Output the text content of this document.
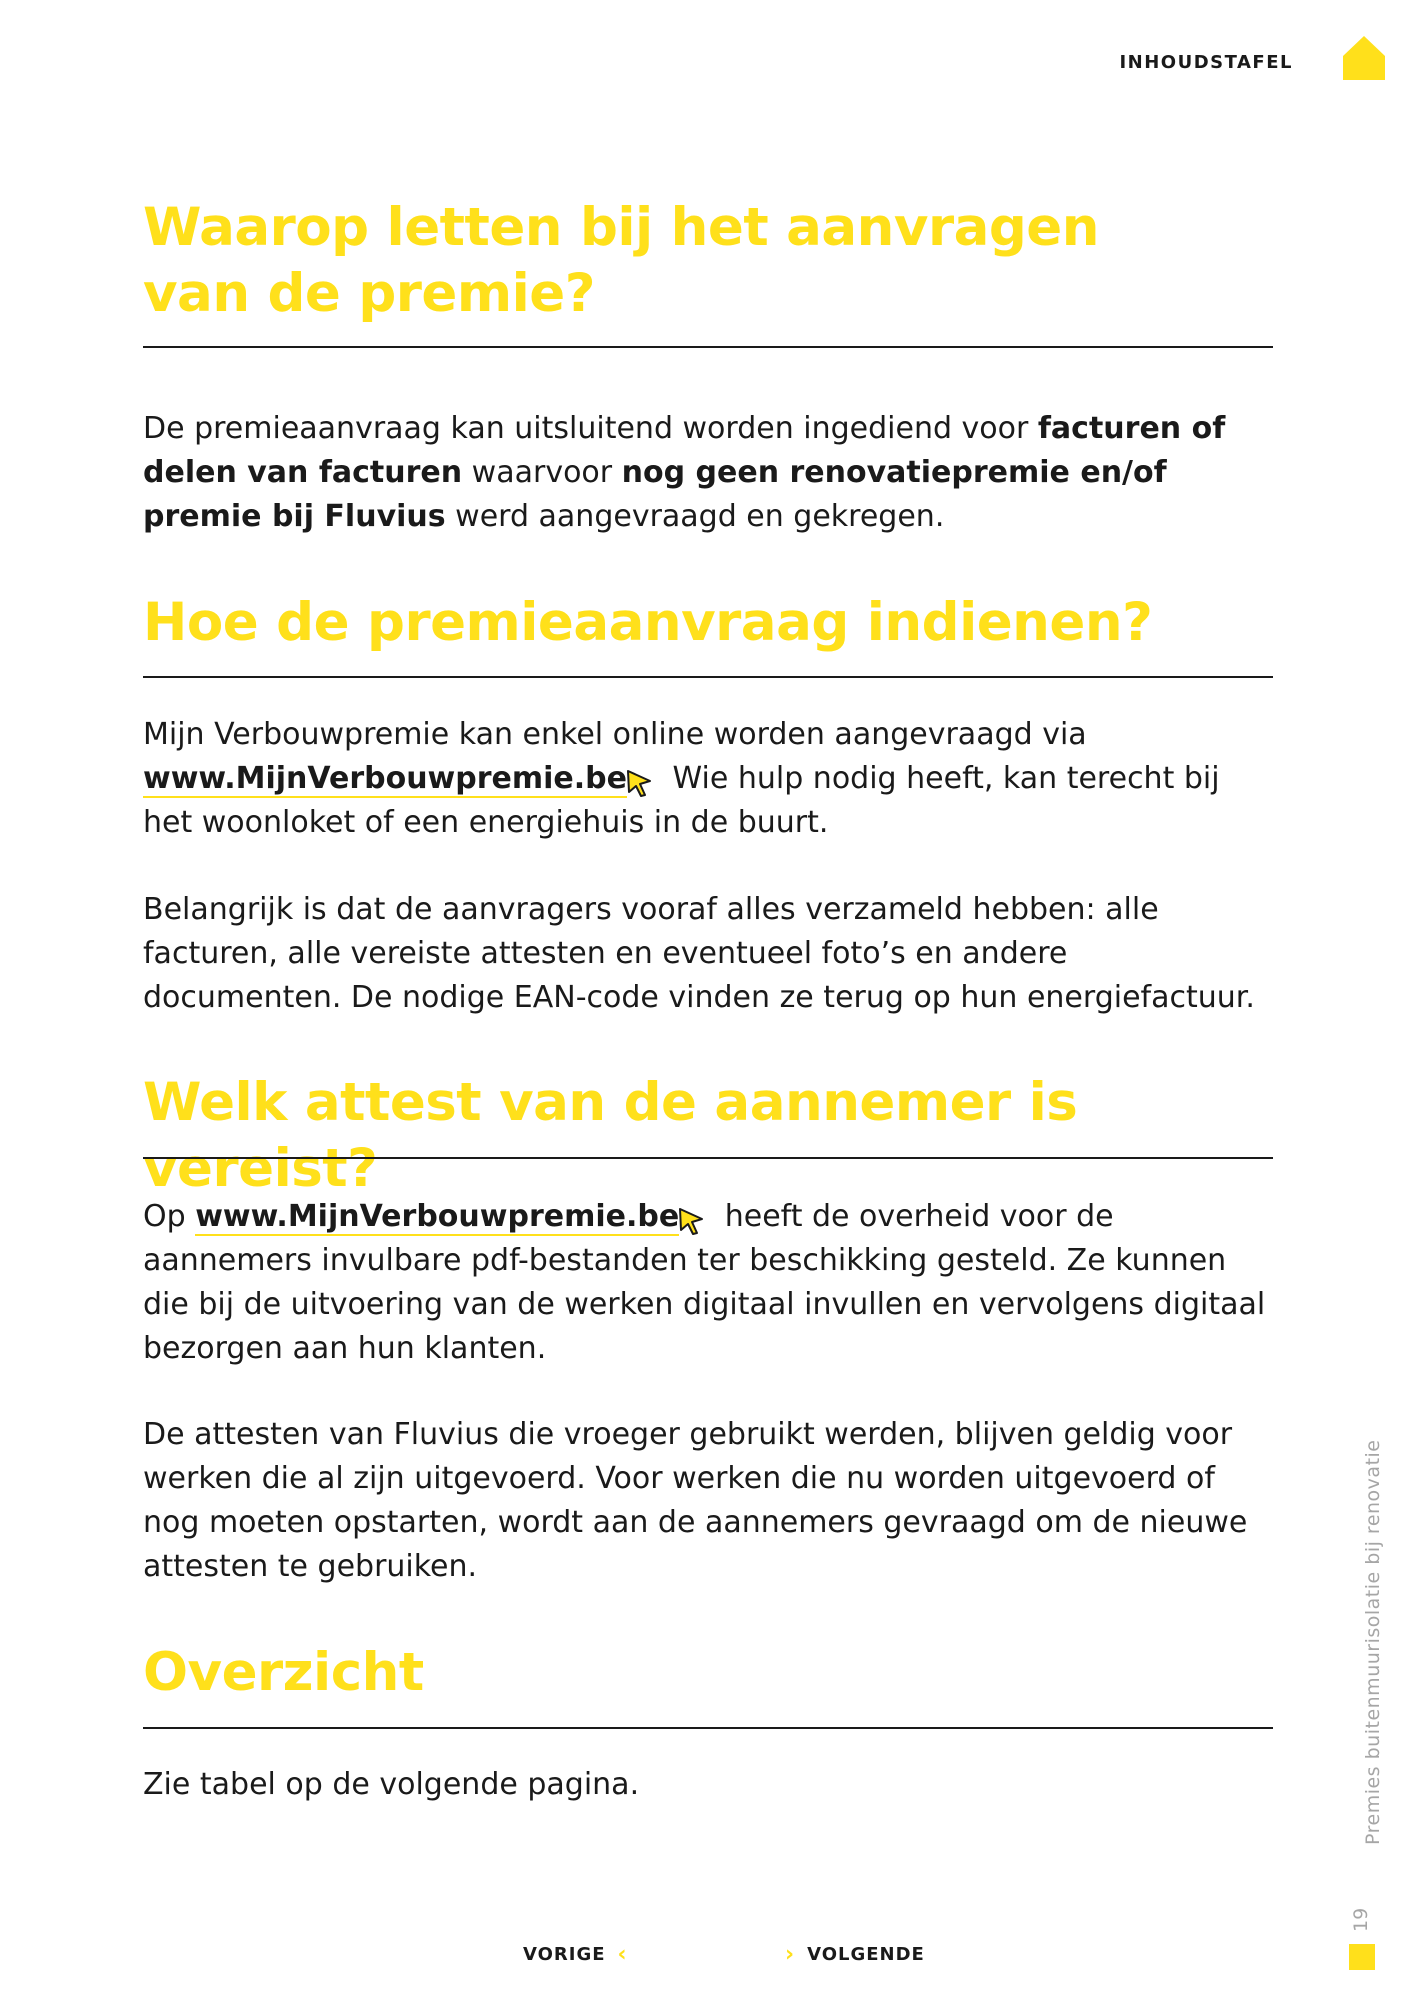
INHOUDSTAFEL
Waarop letten bij het aanvragen
van de premie?

De premieaanvraag kan uitsluitend worden ingediend voor facturen of delen van facturen waarvoor nog geen renovatiepremie en/of premie bij Fluvius werd aangevraagd en gekregen.

Hoe de premieaanvraag indienen?

Mijn Verbouwpremie kan enkel online worden aangevraagd via www.MijnVerbouwpremie.be Wie hulp nodig heeft, kan terecht bij het woonloket of een energiehuis in de buurt.

Belangrijk is dat de aanvragers vooraf alles verzameld hebben: alle facturen, alle vereiste attesten en eventueel foto’s en andere documenten. De nodige EAN-code vinden ze terug op hun energiefactuur.

Welk attest van de aannemer is vereist?

Op www.MijnVerbouwpremie.be heeft de overheid voor de aannemers invulbare pdf-bestanden ter beschikking gesteld. Ze kunnen die bij de uitvoering van de werken digitaal invullen en vervolgens digitaal bezorgen aan hun klanten.

De attesten van Fluvius die vroeger gebruikt werden, blijven geldig voor werken die al zijn uitgevoerd. Voor werken die nu worden uitgevoerd of nog moeten opstarten, wordt aan de aannemers gevraagd om de nieuwe attesten te gebruiken.

Overzicht

Zie tabel op de volgende pagina.	Premies buitenmuurisolatie bij renovatie
19
VORIGE ‹	› VOLGENDE
